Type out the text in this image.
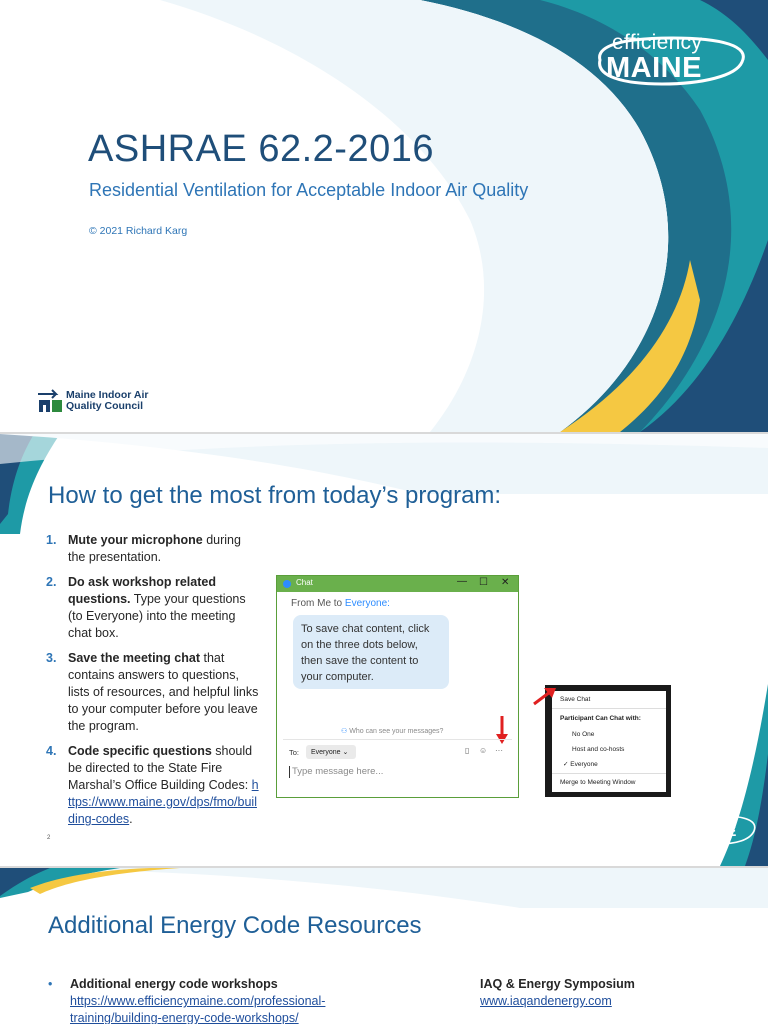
efficiency
MAINE
ASHRAE 62.2-2016
Residential Ventilation for Acceptable Indoor Air Quality
© 2021 Richard Karg
Maine Indoor Air
Quality Council
How to get the most from today’s program:
1. Mute your microphone during the presentation.
2. Do ask workshop related questions. Type your questions (to Everyone) into the meeting chat box.
3. Save the meeting chat that contains answers to questions, lists of resources, and helpful links to your computer before you leave the program.
4. Code specific questions should be directed to the State Fire Marshal’s Office Building Codes: https://www.maine.gov/dps/fmo/building-codes.
2
Chat	— ☐ ✕
From Me to Everyone:
To save chat content, click on the three dots below, then save the content to your computer.
⚇ Who can see your messages?
To:	Everyone ⌄	▯ ☺ ···
Type message here...
Save Chat
Participant Can Chat with:
No One
Host and co-hosts
✓ Everyone
Merge to Meeting Window
efficiency
MAINE
Additional Energy Code Resources
• Additional energy code workshops
https://www.efficiencymaine.com/professional-
training/building-energy-code-workshops/
IAQ & Energy Symposium
www.iaqandenergy.com
